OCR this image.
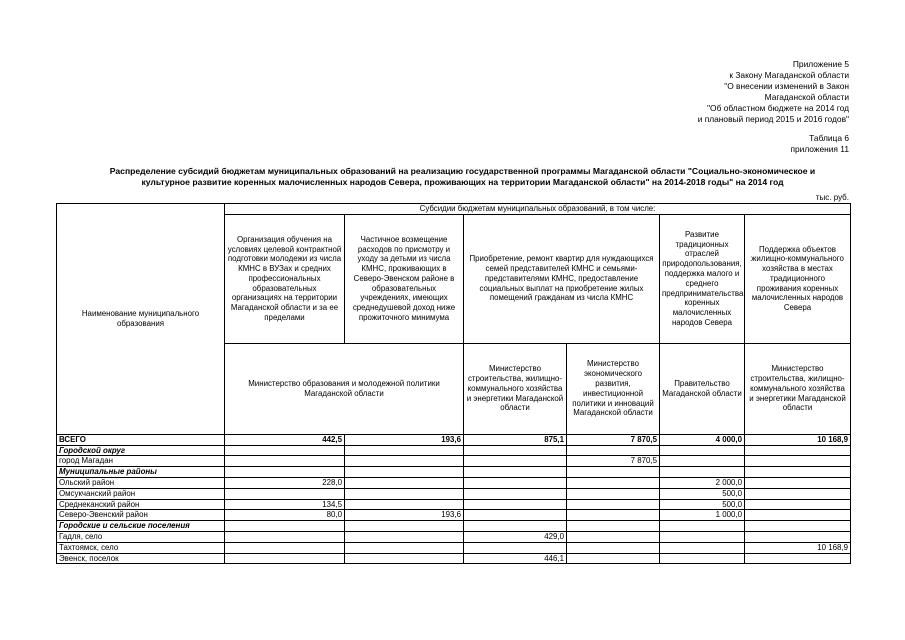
Приложение 5
к Закону Магаданской области
"О внесении изменений в Закон
Магаданской области
"Об областном бюджете на 2014 год
и плановый период 2015 и 2016 годов"
Таблица 6
приложения 11
Распределение субсидий бюджетам муниципальных образований на реализацию государственной программы Магаданской области "Социально-экономическое и
культурное развитие коренных малочисленных народов Севера, проживающих на территории Магаданской области" на 2014-2018 годы" на 2014 год
тыс. руб.
Наименование муниципального образования	Субсидии бюджетам муниципальных образований, в том числе:					
	Организация обучения на условиях целевой контрактной подготовки молодежи из числа КМНС в ВУЗах и средних профессиональных образовательных организациях на территории Магаданской области и за ее пределами	Частичное возмещение расходов по присмотру и уходу за детьми из числа КМНС, проживающих в Северо-Эвенском районе в образовательных учреждениях, имеющих среднедушевой доход ниже прожиточного минимума	Приобретение, ремонт квартир для нуждающихся семей представителей КМНС и семьями-представителями КМНС, предоставление социальных выплат на приобретение жилых помещений гражданам из числа КМНС		Развитие традиционных отраслей природопользования, поддержка малого и среднего предпринимательства коренных малочисленных народов Севера	Поддержка объектов жилищно-коммунального хозяйства в местах традиционного проживания коренных малочисленных народов Севера
	Министерство образования и молодежной политики Магаданской области		Министерство строительства, жилищно-коммунального хозяйства и энергетики Магаданской области	Министерство экономического развития, инвестиционной политики и инноваций Магаданской области	Правительство Магаданской области	Министерство строительства, жилищно-коммунального хозяйства и энергетики Магаданской области
ВСЕГО	442,5	193,6	875,1	7 870,5	4 000,0	10 168,9
Городской округ						
город Магадан				7 870,5		
Муниципальные районы						
Ольский район	228,0				2 000,0	
Омсукчанский район					500,0	
Среднеканский район	134,5				500,0	
Северо-Эвенский район	80,0	193,6			1 000,0	
Городские и сельские поселения						
Гадля, село			429,0			
Тахтоямск, село						10 168,9
Эвенск, поселок			446,1			
